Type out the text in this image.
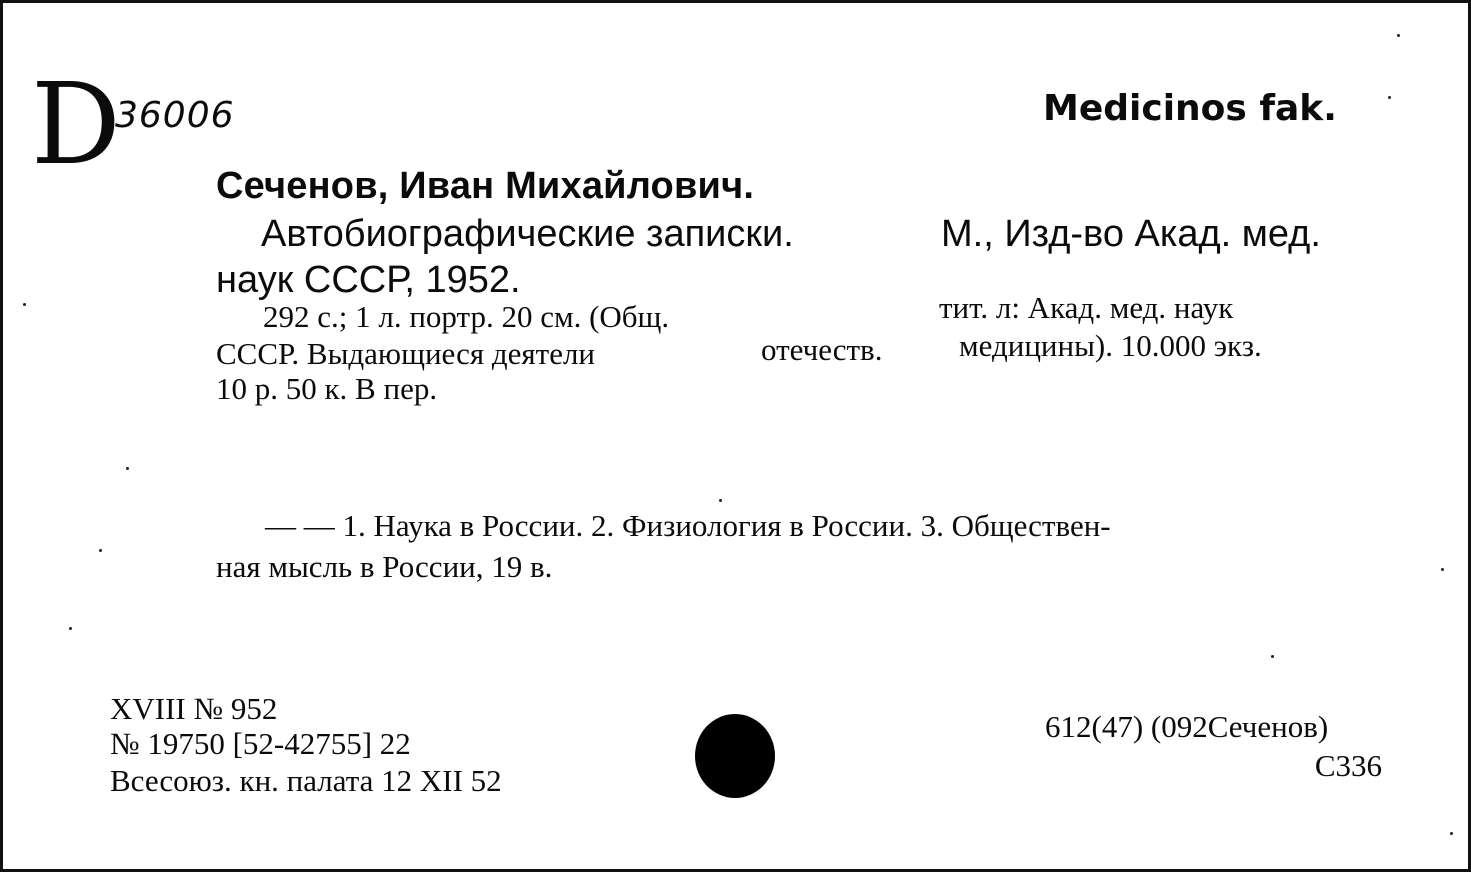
D
36006	Medicinos fak.
Сеченов, Иван Михайлович.
Автобиографические записки.	М., Изд-во Акад. мед.
наук СССР, 1952.
292 с.; 1 л. портр. 20 см. (Общ.	тит. л: Акад. мед. наук
СССР. Выдающиеся деятели	отечеств. медицины). 10.000 экз.
10 р. 50 к. В пер.
— — 1. Наука в России. 2. Физиология в России. 3. Обществен-
ная мысль в России, 19 в.
XVIII № 952
№ 19750 [52-42755] 22
Всесоюз. кн. палата 12 XII 52
612(47) (092Сеченов)
С336
